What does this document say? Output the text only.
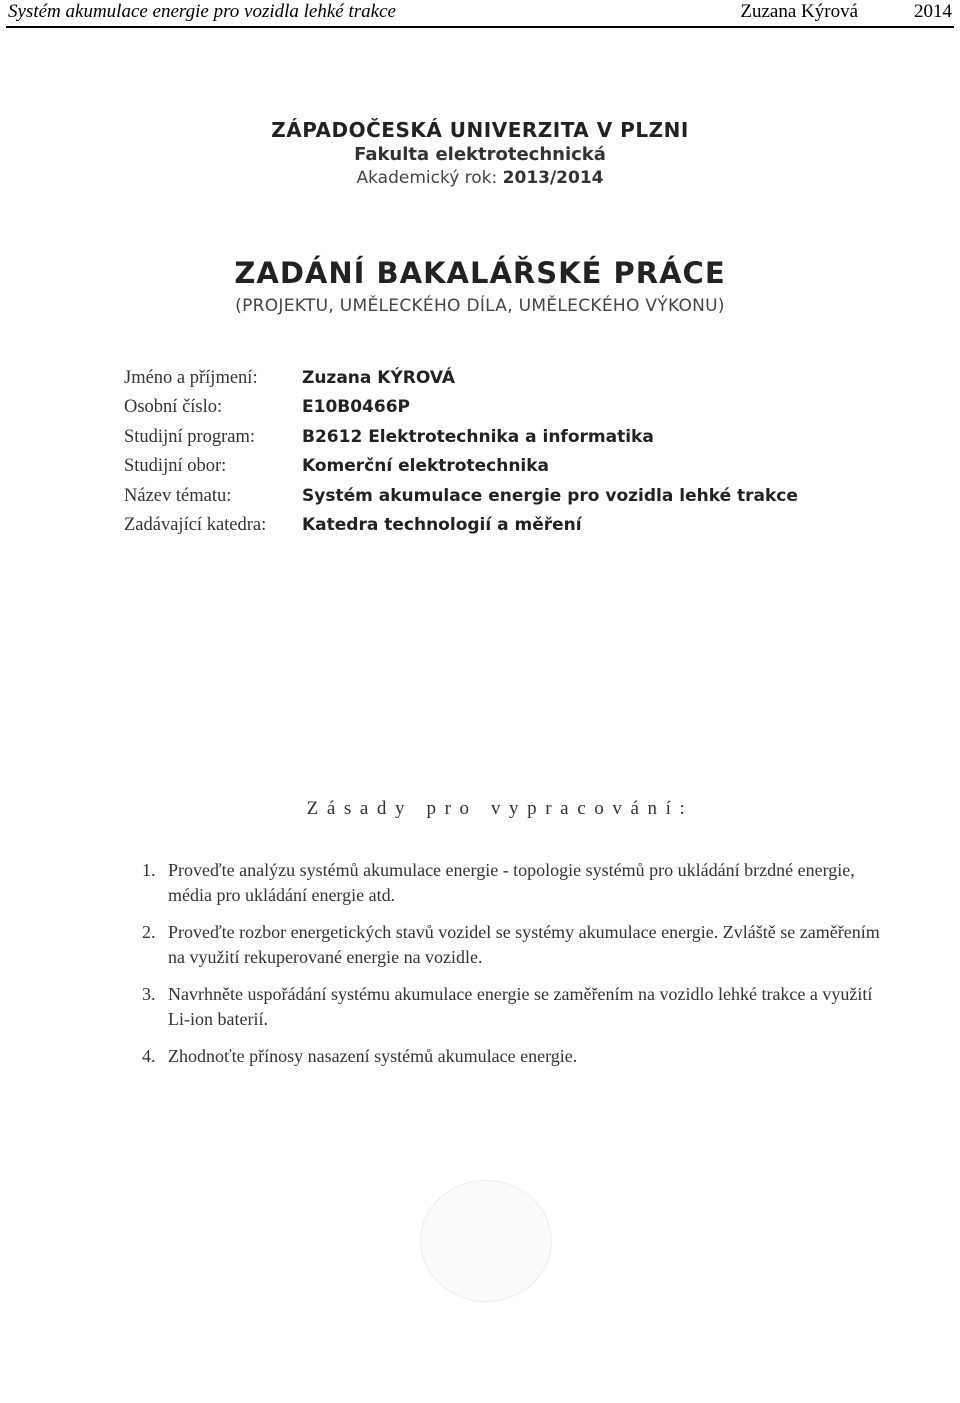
Systém akumulace energie pro vozidla lehké trakce	Zuzana Kýrová	2014
ZÁPADOČESKÁ UNIVERZITA V PLZNI
Fakulta elektrotechnická
Akademický rok: 2013/2014
ZADÁNÍ BAKALÁŘSKÉ PRÁCE
(PROJEKTU, UMĚLECKÉHO DÍLA, UMĚLECKÉHO VÝKONU)
Jméno a příjmení:	Zuzana KÝROVÁ
Osobní číslo:	E10B0466P
Studijní program:	B2612 Elektrotechnika a informatika
Studijní obor:	Komerční elektrotechnika
Název tématu:	Systém akumulace energie pro vozidla lehké trakce
Zadávající katedra: Katedra technologií a měření
Zásady pro vypracování:
1. Proveďte analýzu systémů akumulace energie - topologie systémů pro ukládání brzdné energie, média pro ukládání energie atd.
2. Proveďte rozbor energetických stavů vozidel se systémy akumulace energie. Zvláště se zaměřením na využití rekuperované energie na vozidle.
3. Navrhněte uspořádání systému akumulace energie se zaměřením na vozidlo lehké trakce a využití Li-ion baterií.
4. Zhodnoťte přínosy nasazení systémů akumulace energie.
